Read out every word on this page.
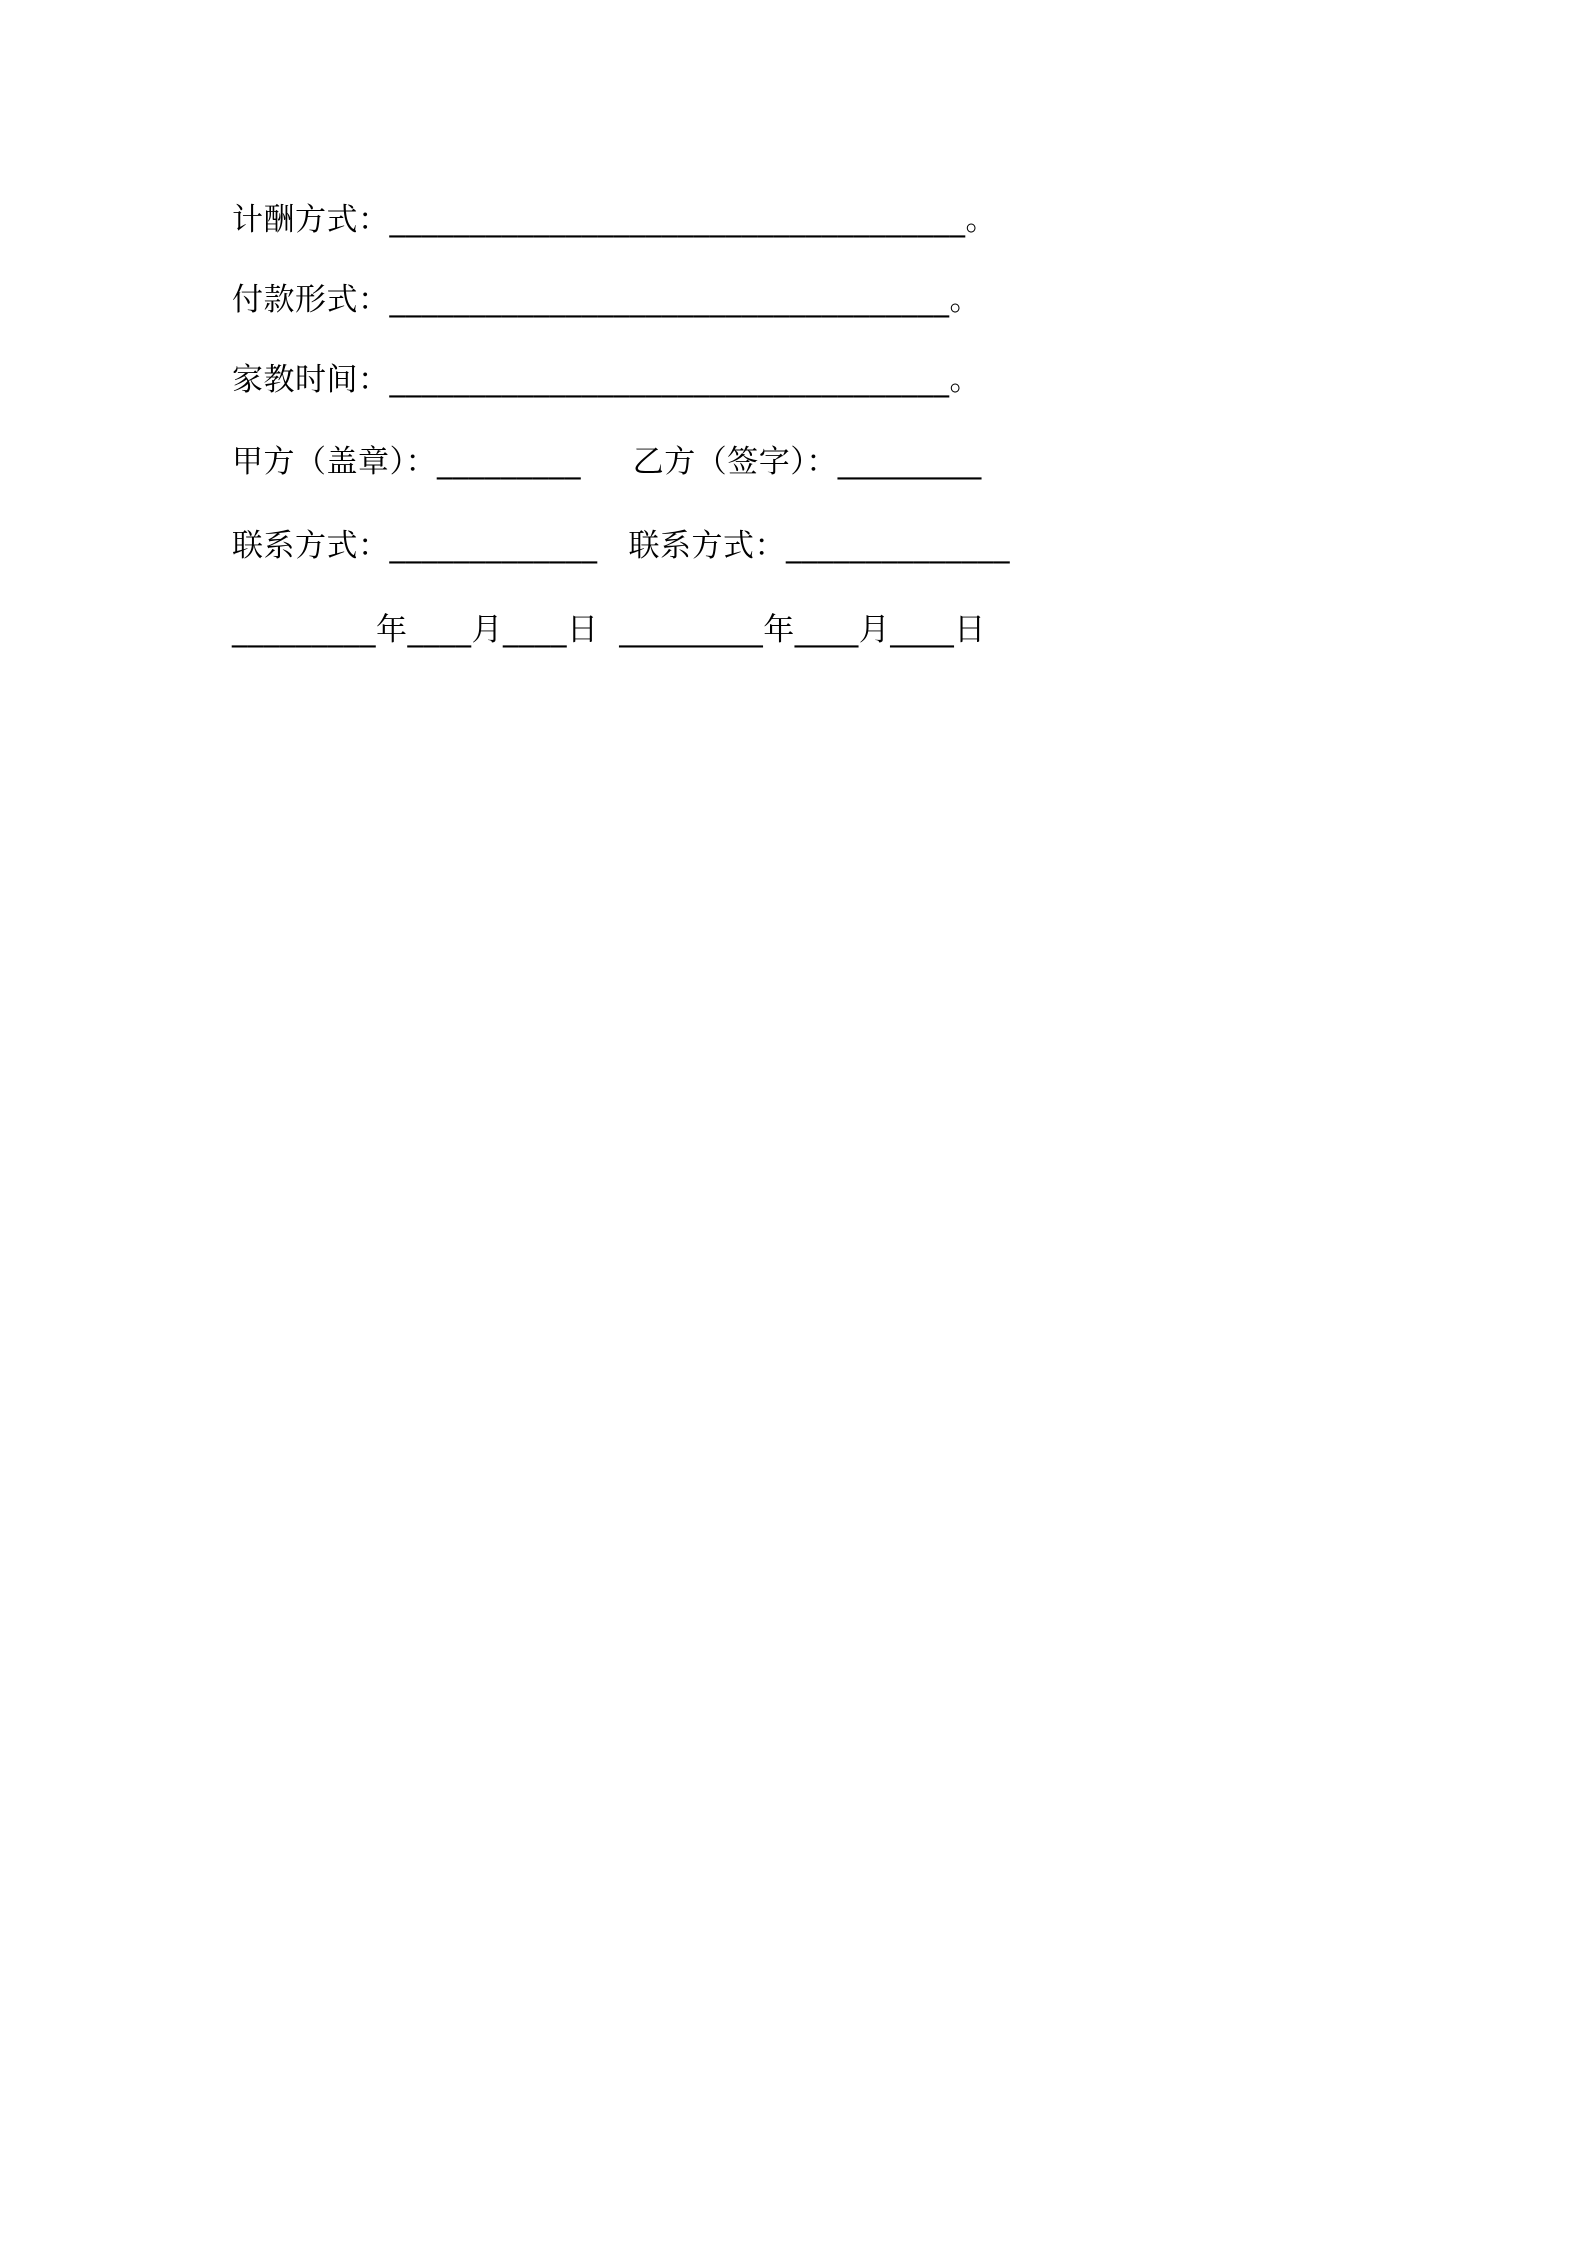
计酬方式：____________________________________。
付款形式：___________________________________。
家教时间：___________________________________。
甲方（盖章）：_________     乙方（签字）：_________
联系方式：_____________   联系方式：______________
_________年____月____日  _________年____月____日
